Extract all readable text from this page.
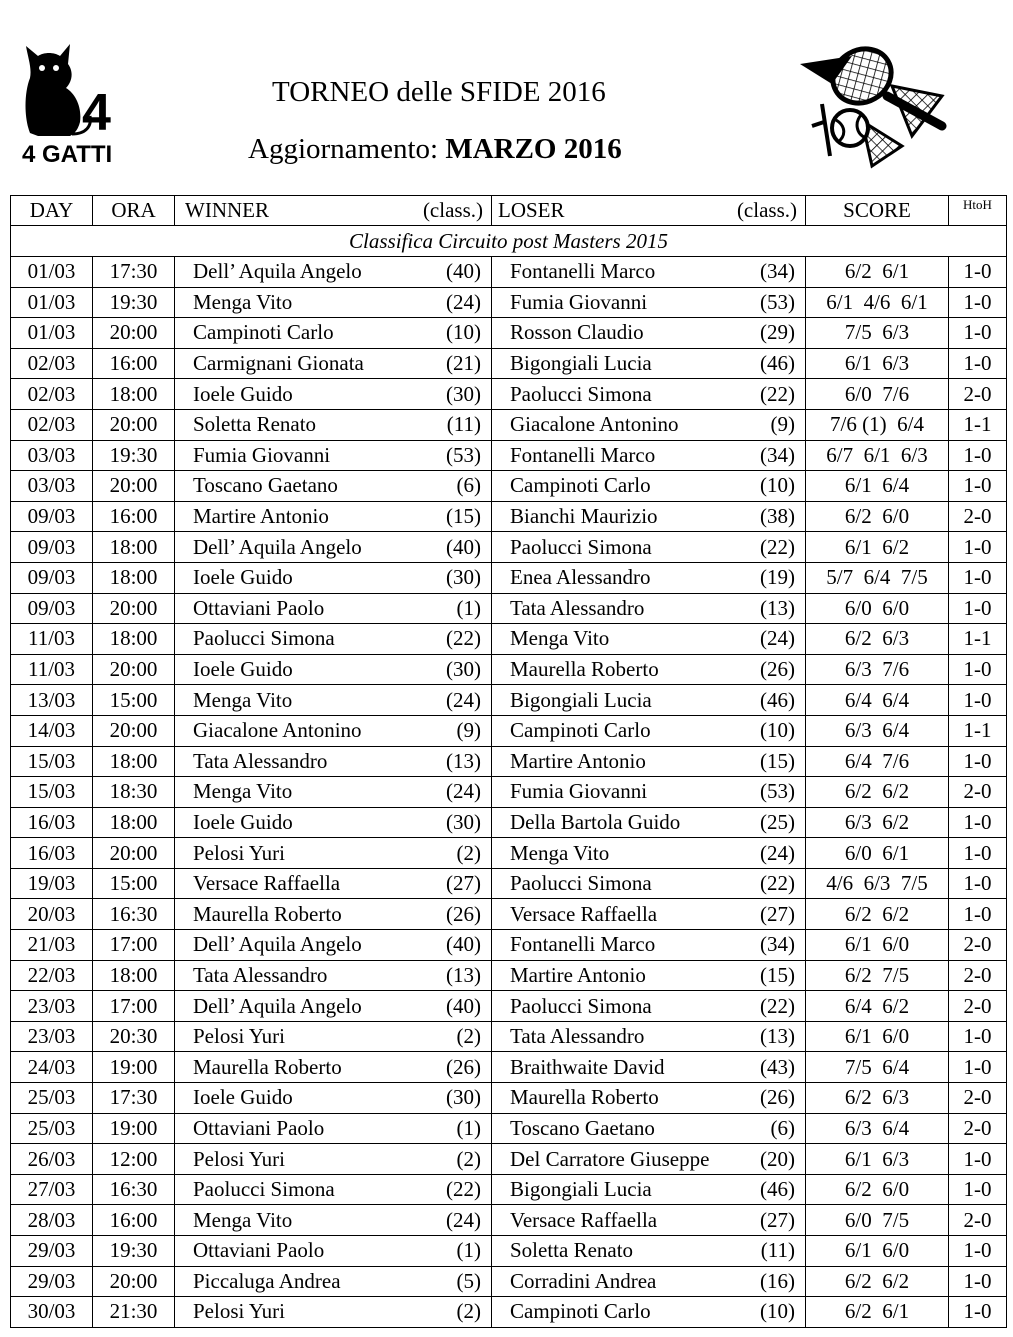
4
4 GATTI
TORNEO delle SFIDE 2016
Aggiornamento: MARZO 2016
DAY	ORA	WINNER (class.)	LOSER (class.)	SCORE	HtoH
Classifica Circuito post Masters 2015					
01/03	17:30	Dell’ Aquila Angelo (40)	Fontanelli Marco (34)	6/2  6/1	1-0
01/03	19:30	Menga Vito (24)	Fumia Giovanni (53)	6/1  4/6  6/1	1-0
01/03	20:00	Campinoti Carlo (10)	Rosson Claudio (29)	7/5  6/3	1-0
02/03	16:00	Carmignani Gionata (21)	Bigongiali Lucia (46)	6/1  6/3	1-0
02/03	18:00	Ioele Guido (30)	Paolucci Simona (22)	6/0  7/6	2-0
02/03	20:00	Soletta Renato (11)	Giacalone Antonino (9)	7/6 (1)  6/4	1-1
03/03	19:30	Fumia Giovanni (53)	Fontanelli Marco (34)	6/7  6/1  6/3	1-0
03/03	20:00	Toscano Gaetano (6)	Campinoti Carlo (10)	6/1  6/4	1-0
09/03	16:00	Martire Antonio (15)	Bianchi Maurizio (38)	6/2  6/0	2-0
09/03	18:00	Dell’ Aquila Angelo (40)	Paolucci Simona (22)	6/1  6/2	1-0
09/03	18:00	Ioele Guido (30)	Enea Alessandro (19)	5/7  6/4  7/5	1-0
09/03	20:00	Ottaviani Paolo (1)	Tata Alessandro (13)	6/0  6/0	1-0
11/03	18:00	Paolucci Simona (22)	Menga Vito (24)	6/2  6/3	1-1
11/03	20:00	Ioele Guido (30)	Maurella Roberto (26)	6/3  7/6	1-0
13/03	15:00	Menga Vito (24)	Bigongiali Lucia (46)	6/4  6/4	1-0
14/03	20:00	Giacalone Antonino (9)	Campinoti Carlo (10)	6/3  6/4	1-1
15/03	18:00	Tata Alessandro (13)	Martire Antonio (15)	6/4  7/6	1-0
15/03	18:30	Menga Vito (24)	Fumia Giovanni (53)	6/2  6/2	2-0
16/03	18:00	Ioele Guido (30)	Della Bartola Guido (25)	6/3  6/2	1-0
16/03	20:00	Pelosi Yuri (2)	Menga Vito (24)	6/0  6/1	1-0
19/03	15:00	Versace Raffaella (27)	Paolucci Simona (22)	4/6  6/3  7/5	1-0
20/03	16:30	Maurella Roberto (26)	Versace Raffaella (27)	6/2  6/2	1-0
21/03	17:00	Dell’ Aquila Angelo (40)	Fontanelli Marco (34)	6/1  6/0	2-0
22/03	18:00	Tata Alessandro (13)	Martire Antonio (15)	6/2  7/5	2-0
23/03	17:00	Dell’ Aquila Angelo (40)	Paolucci Simona (22)	6/4  6/2	2-0
23/03	20:30	Pelosi Yuri (2)	Tata Alessandro (13)	6/1  6/0	1-0
24/03	19:00	Maurella Roberto (26)	Braithwaite David (43)	7/5  6/4	1-0
25/03	17:30	Ioele Guido (30)	Maurella Roberto (26)	6/2  6/3	2-0
25/03	19:00	Ottaviani Paolo (1)	Toscano Gaetano (6)	6/3  6/4	2-0
26/03	12:00	Pelosi Yuri (2)	Del Carratore Giuseppe (20)	6/1  6/3	1-0
27/03	16:30	Paolucci Simona (22)	Bigongiali Lucia (46)	6/2  6/0	1-0
28/03	16:00	Menga Vito (24)	Versace Raffaella (27)	6/0  7/5	2-0
29/03	19:30	Ottaviani Paolo (1)	Soletta Renato (11)	6/1  6/0	1-0
29/03	20:00	Piccaluga Andrea (5)	Corradini Andrea (16)	6/2  6/2	1-0
30/03	21:30	Pelosi Yuri (2)	Campinoti Carlo (10)	6/2  6/1	1-0
